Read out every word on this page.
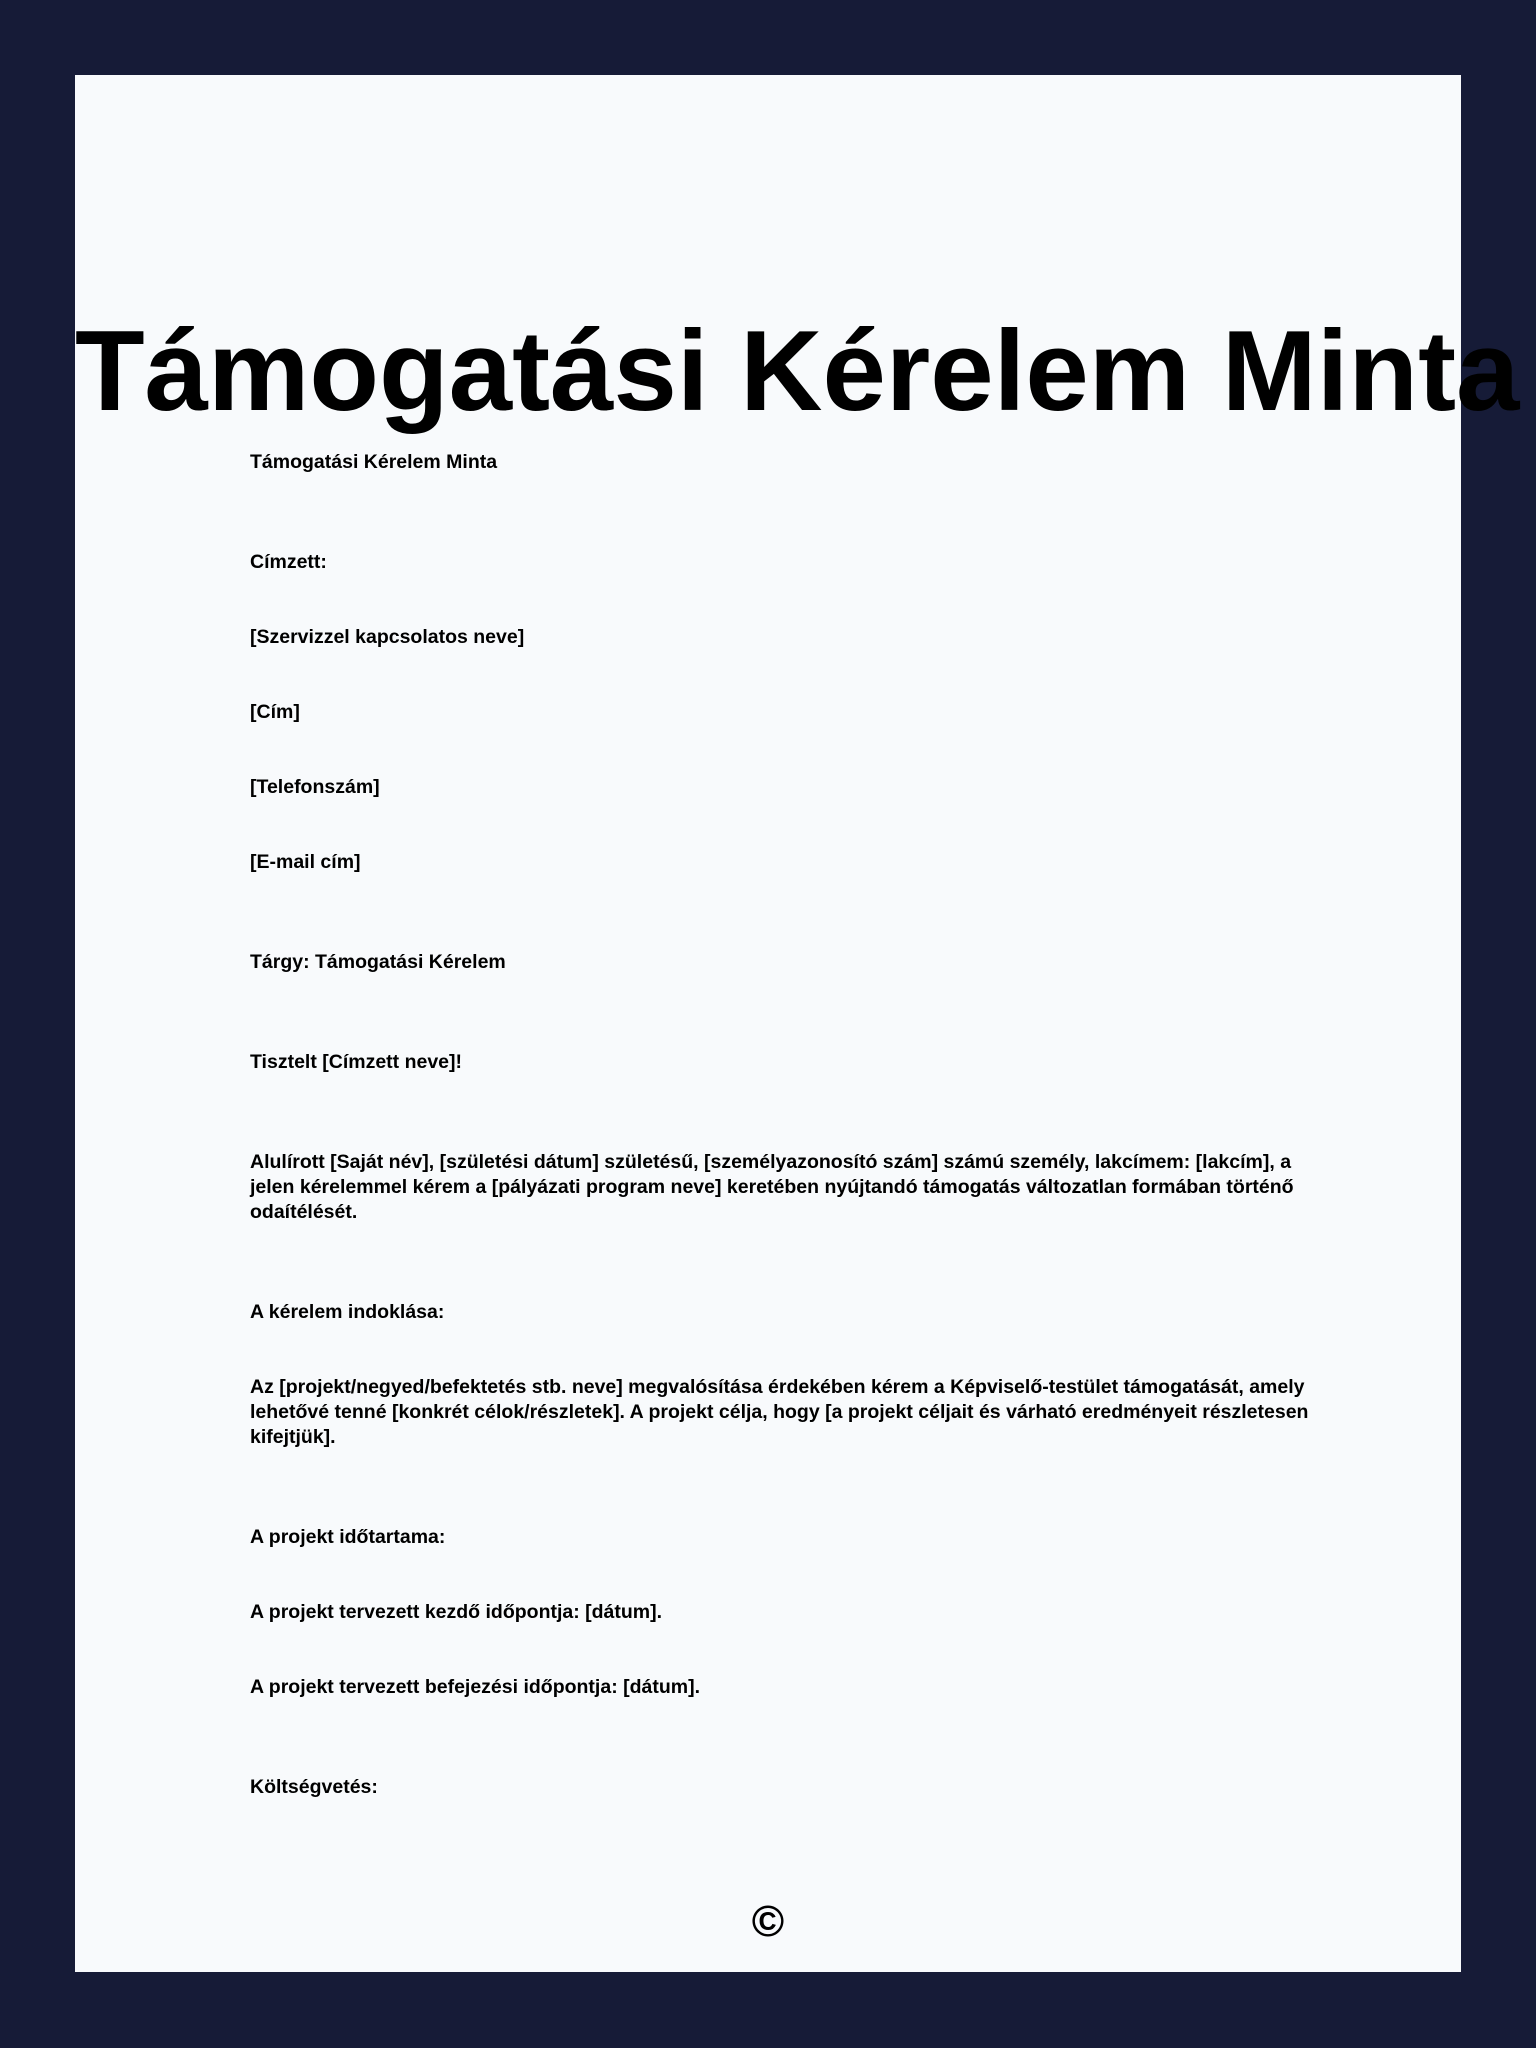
Támogatási Kérelem Minta

Támogatási Kérelem Minta

Címzett:

[Szervizzel kapcsolatos neve]

[Cím]

[Telefonszám]

[E-mail cím]

Tárgy: Támogatási Kérelem

Tisztelt [Címzett neve]!

Alulírott [Saját név], [születési dátum] születésű, [személyazonosító szám] számú személy, lakcímem: [lakcím], a jelen kérelemmel kérem a [pályázati program neve] keretében nyújtandó támogatás változatlan formában történő odaítélését.

A kérelem indoklása:

Az [projekt/negyed/befektetés stb. neve] megvalósítása érdekében kérem a Képviselő-testület támogatását, amely lehetővé tenné [konkrét célok/részletek]. A projekt célja, hogy [a projekt céljait és várható eredményeit részletesen kifejtjük].

A projekt időtartama:

A projekt tervezett kezdő időpontja: [dátum].

A projekt tervezett befejezési időpontja: [dátum].

Költségvetés:

©
